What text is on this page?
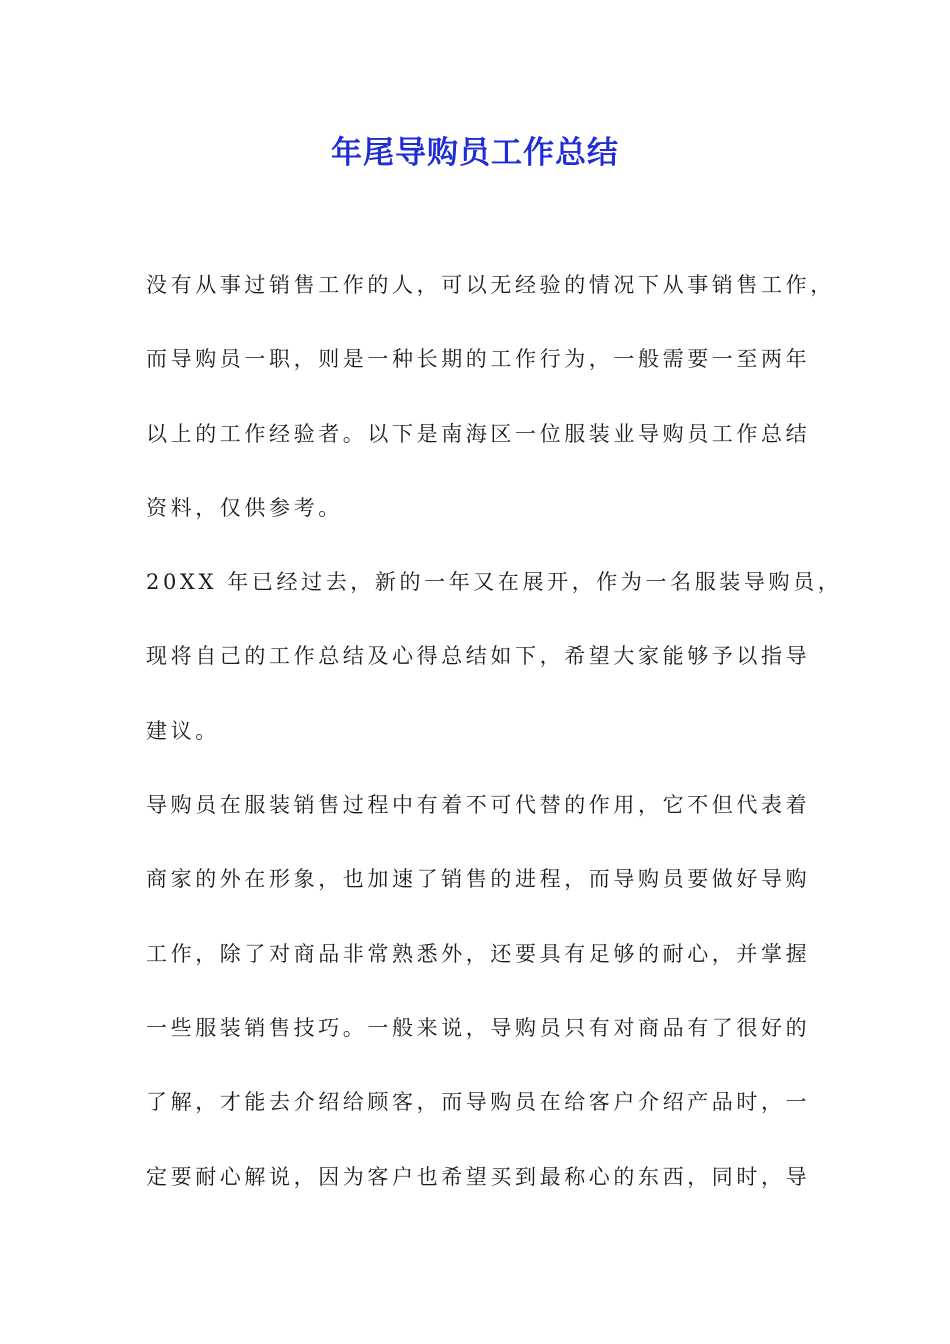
年尾导购员工作总结
没有从事过销售工作的人，可以无经验的情况下从事销售工作，
而导购员一职，则是一种长期的工作行为，一般需要一至两年
以上的工作经验者。以下是南海区一位服装业导购员工作总结
资料，仅供参考。
20XX 年已经过去，新的一年又在展开，作为一名服装导购员，
现将自己的工作总结及心得总结如下，希望大家能够予以指导
建议。
导购员在服装销售过程中有着不可代替的作用，它不但代表着
商家的外在形象，也加速了销售的进程，而导购员要做好导购
工作，除了对商品非常熟悉外，还要具有足够的耐心，并掌握
一些服装销售技巧。一般来说，导购员只有对商品有了很好的
了解，才能去介绍给顾客，而导购员在给客户介绍产品时，一
定要耐心解说，因为客户也希望买到最称心的东西，同时，导
